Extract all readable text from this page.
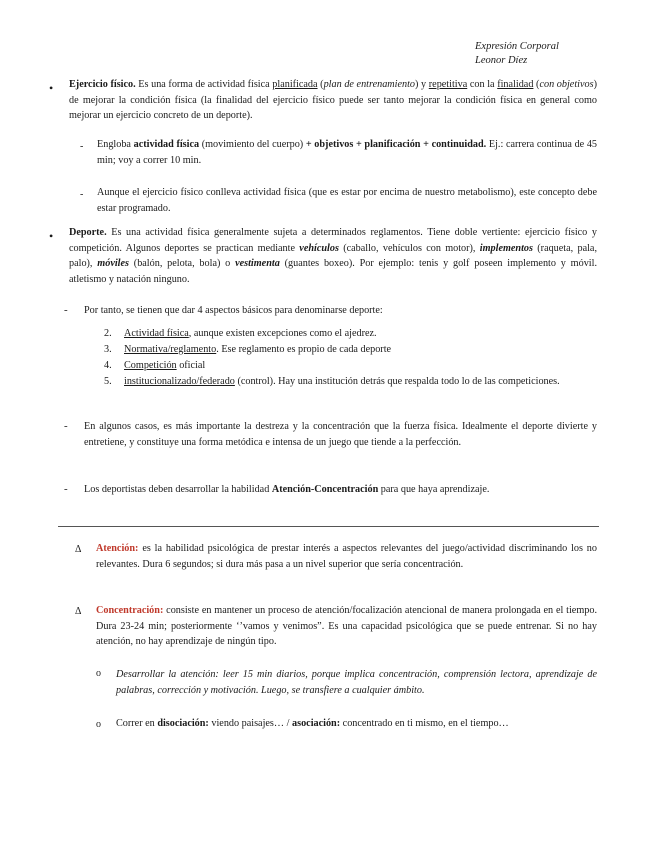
Expresión Corporal
Leonor Díez
• Ejercicio físico. Es una forma de actividad física planificada (plan de entrenamiento) y repetitiva con la finalidad (con objetivos) de mejorar la condición física (la finalidad del ejercicio físico puede ser tanto mejorar la condición física en general como mejorar un ejercicio concreto de un deporte).
- Engloba actividad física (movimiento del cuerpo) + objetivos + planificación + continuidad. Ej.: carrera continua de 45 min; voy a correr 10 min.
- Aunque el ejercicio físico conlleva actividad física (que es estar por encima de nuestro metabolismo), este concepto debe estar programado.
• Deporte. Es una actividad física generalmente sujeta a determinados reglamentos. Tiene doble vertiente: ejercicio físico y competición. Algunos deportes se practican mediante vehículos (caballo, vehículos con motor), implementos (raqueta, pala, palo), móviles (balón, pelota, bola) o vestimenta (guantes boxeo). Por ejemplo: tenis y golf poseen implemento y móvil. atletismo y natación ninguno.
- Por tanto, se tienen que dar 4 aspectos básicos para denominarse deporte:
2. Actividad física, aunque existen excepciones como el ajedrez.
3. Normativa/reglamento. Ese reglamento es propio de cada deporte
4. Competición oficial
5. institucionalizado/federado (control). Hay una institución detrás que respalda todo lo de las competiciones.
- En algunos casos, es más importante la destreza y la concentración que la fuerza física. Idealmente el deporte divierte y entretiene, y constituye una forma metódica e intensa de un juego que tiende a la perfección.
- Los deportistas deben desarrollar la habilidad Atención-Concentración para que haya aprendizaje.
Δ Atención: es la habilidad psicológica de prestar interés a aspectos relevantes del juego/actividad discriminando los no relevantes. Dura 6 segundos; si dura más pasa a un nivel superior que sería concentración.
Δ Concentración: consiste en mantener un proceso de atención/focalización atencional de manera prolongada en el tiempo. Dura 23-24 min; posteriormente ‘’vamos y venimos”. Es una capacidad psicológica que se puede entrenar. Si no hay atención, no hay aprendizaje de ningún tipo.
o Desarrollar la atención: leer 15 min diarios, porque implica concentración, comprensión lectora, aprendizaje de palabras, corrección y motivación. Luego, se transfiere a cualquier ámbito.
o Correr en disociación: viendo paisajes… / asociación: concentrado en ti mismo, en el tiempo…
